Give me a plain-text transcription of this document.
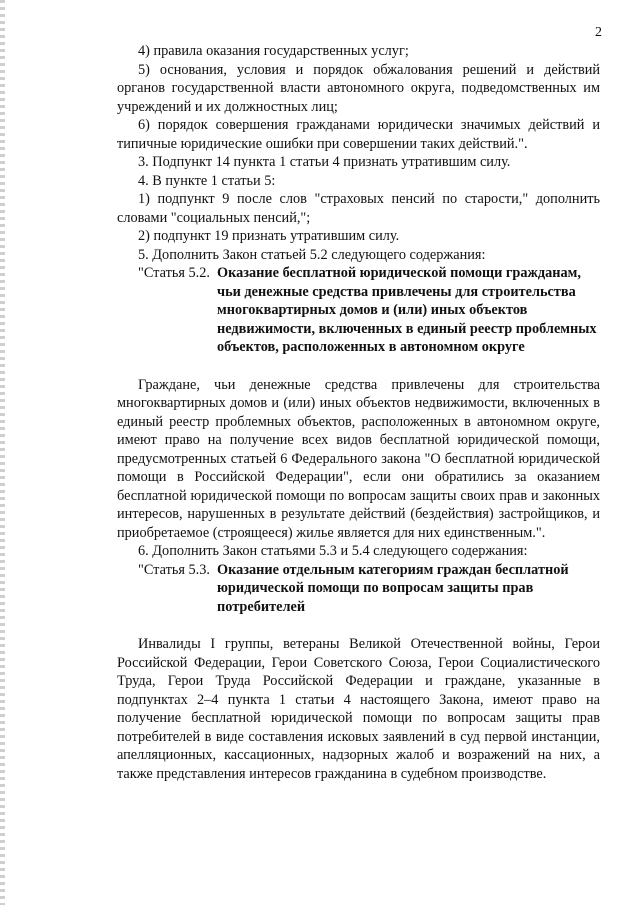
2

4) правила оказания государственных услуг;

5) основания, условия и порядок обжалования решений и действий органов государственной власти автономного округа, подведомственных им учреждений и их должностных лиц;

6) порядок совершения гражданами юридически значимых действий и типичные юридические ошибки при совершении таких действий.".

3. Подпункт 14 пункта 1 статьи 4 признать утратившим силу.

4. В пункте 1 статьи 5:

1) подпункт 9 после слов "страховых пенсий по старости," дополнить словами "социальных пенсий,";

2) подпункт 19 признать утратившим силу.

5. Дополнить Закон статьей 5.2 следующего содержания:

"Статья 5.2. Оказание бесплатной юридической помощи гражданам, чьи денежные средства привлечены для строительства многоквартирных домов и (или) иных объектов недвижимости, включенных в единый реестр проблемных объектов, расположенных в автономном округе

Граждане, чьи денежные средства привлечены для строительства многоквартирных домов и (или) иных объектов недвижимости, включенных в единый реестр проблемных объектов, расположенных в автономном округе, имеют право на получение всех видов бесплатной юридической помощи, предусмотренных статьей 6 Федерального закона "О бесплатной юридической помощи в Российской Федерации", если они обратились за оказанием бесплатной юридической помощи по вопросам защиты своих прав и законных интересов, нарушенных в результате действий (бездействия) застройщиков, и приобретаемое (строящееся) жилье является для них единственным.".

6. Дополнить Закон статьями 5.3 и 5.4 следующего содержания:

"Статья 5.3. Оказание отдельным категориям граждан бесплатной юридической помощи по вопросам защиты прав потребителей

Инвалиды I группы, ветераны Великой Отечественной войны, Герои Российской Федерации, Герои Советского Союза, Герои Социалистического Труда, Герои Труда Российской Федерации и граждане, указанные в подпунктах 2–4 пункта 1 статьи 4 настоящего Закона, имеют право на получение бесплатной юридической помощи по вопросам защиты прав потребителей в виде составления исковых заявлений в суд первой инстанции, апелляционных, кассационных, надзорных жалоб и возражений на них, а также представления интересов гражданина в судебном производстве.
